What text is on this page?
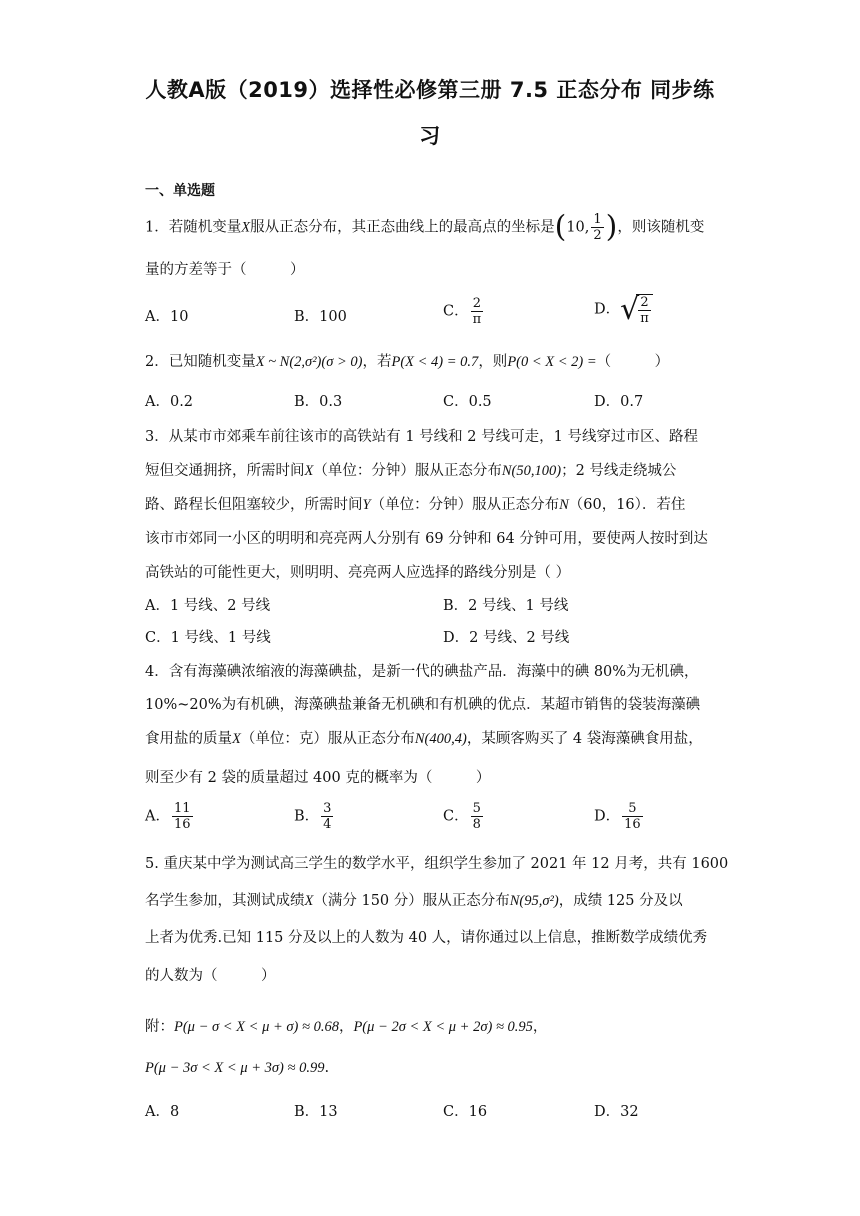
人教A版（2019）选择性必修第三册 7.5 正态分布 同步练
习
一、单选题
1．若随机变量X服从正态分布，其正态曲线上的最高点的坐标是(10, $\frac{1}{2}$ )，则该随机变
量的方差等于（　　　）
A．10	B．100	C． $\frac{2}{\pi}$	D．√ $\frac{2}{\pi}$
2．已知随机变量X ~ N(2,σ²)(σ > 0)，若P(X < 4) = 0.7，则P(0 < X < 2) =（　　　）
A．0.2	B．0.3	C．0.5	D．0.7
3．从某市市郊乘车前往该市的高铁站有 1 号线和 2 号线可走，1 号线穿过市区、路程
短但交通拥挤，所需时间X（单位：分钟）服从正态分布N(50,100)；2 号线走绕城公
路、路程长但阻塞较少，所需时间Y（单位：分钟）服从正态分布N（60，16）．若住
该市市郊同一小区的明明和亮亮两人分别有 69 分钟和 64 分钟可用，要使两人按时到达
高铁站的可能性更大，则明明、亮亮两人应选择的路线分别是（ ）
A．1 号线、2 号线	B．2 号线、1 号线
C．1 号线、1 号线	D．2 号线、2 号线
4．含有海藻碘浓缩液的海藻碘盐，是新一代的碘盐产品．海藻中的碘 80%为无机碘，
10%~20%为有机碘，海藻碘盐兼备无机碘和有机碘的优点．某超市销售的袋装海藻碘
食用盐的质量X（单位：克）服从正态分布N(400,4)，某顾客购买了 4 袋海藻碘食用盐，
则至少有 2 袋的质量超过 400 克的概率为（　　　）
A． $\frac{11}{16}$	B． $\frac{3}{4}$	C． $\frac{5}{8}$	D． $\frac{5}{16}$
5. 重庆某中学为测试高三学生的数学水平，组织学生参加了 2021 年 12 月考，共有 1600
名学生参加，其测试成绩X（满分 150 分）服从正态分布N(95,σ²)，成绩 125 分及以
上者为优秀.已知 115 分及以上的人数为 40 人，请你通过以上信息，推断数学成绩优秀
的人数为（　　　）
附：P(μ − σ < X < μ + σ) ≈ 0.68，P(μ − 2σ < X < μ + 2σ) ≈ 0.95，
P(μ − 3σ < X < μ + 3σ) ≈ 0.99.
A．8	B．13	C．16	D．32
